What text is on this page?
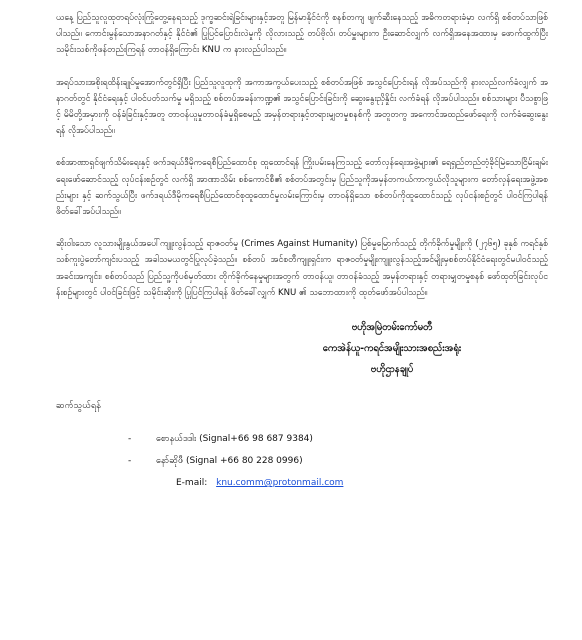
ယနေ့ ပြည်သူလူထုတရပ်လုံးကြုံတွေ့နေရသည့် ဒုက္ခဆင်းရဲခြင်းများနှင့်အတူ မြန်မာနိုင်ငံကို စနစ်တကျ ဖျက်ဆီးနေသည့် အဓိကတရားခံမှာ လက်ရှိ စစ်တပ်သာဖြစ်ပါသည်။ ကောင်းမွန်သောအနာဂတ်နှင့် နိုင်ငံ၏ ပြုပြင်ပြောင်းလဲမှုကို လိုလားသည့် တပ်ဗိုလ်၊ တပ်မှူးများက ဦးဆောင်လျှက် လက်ရှိအနေအထားမှ ဖောက်ထွက်ပြီး သမိုင်းသစ်ကိုဖန်တည်းကြရန် တာဝန်ရှိကြောင်း KNU က နားလည်ပါသည်။

အရပ်သားအစိုးရထိန်းချုပ်မှုအောက်တွင်ရှိပြီး ပြည်သူလူထုကို အကာအကွယ်ပေးသည့် စစ်တပ်အဖြစ် အသွင်ပြောင်းရန် လိုအပ်သည်ကို နားလည်လက်ခံလျှက် အနာဂတ်တွင် နိုင်ငံရေးနှင့် ပါဝင်ပတ်သက်မှု မရှိသည့် စစ်တပ်အခန်းကဏ္ဍ၏ အသွင်ပြောင်းခြင်းကို ဆွေးနွေးညှိနှိုင်း လက်ခံရန် လိုအပ်ပါသည်။ စစ်သားများ ပီသစွာဖြင့် မိမိတို့အမှားကို ဝန်ခံခြင်းနှင့်အတူ တာဝန်ယူမှုတာဝန်ခံမှုရှိစေမည့် အမှန်တရားနှင့်တရားမျှတမှုစနစ်ကို အတူတကွ အကောင်အထည်ဖော်ရေးကို လက်ခံဆွေးနွေးရန် လိုအပ်ပါသည်။

စစ်အာဏာရှင်ဖျက်သိမ်းရေးနှင့် ဖက်ဒရယ်ဒီမိုကရေစီပြည်ထောင်စု ထူထောင်ရန် ကြိုးပမ်းနေကြသည့် တော်လှန်ရေးအဖွဲ့များ၏ ရေရှည်တည်တံ့ခိုင်မြဲသောငြိမ်းချမ်းရေးဖော်ဆောင်သည့် လုပ်ငန်းစဉ်တွင် လက်ရှိ အာဏာသိမ်း စစ်ကောင်စီ၏ စစ်တပ်အတွင်းမှ ပြည်သူကိုအမှန်တကယ်ကာကွယ်လိုသူများက တော်လှန်ရေးအဖွဲ့အစည်းများ နှင့် ဆက်သွယ်ပြီး ဖက်ဒရယ်ဒီမိုကရေစီပြည်ထောင်စုထူထောင်မှုလမ်းကြောင်းမှ တာဝန်ရှိသော စစ်တပ်ကိုထူထောင်သည့် လုပ်ငန်းစဉ်တွင် ပါဝင်ကြပါရန် ဖိတ်ခေါ်အပ်ပါသည်။

ဆိုးဝါးသော လူသားမျိုးနွယ်အပေါ်ကျူးလွန်သည့် ရာဇဝတ်မှု (Crimes Against Humanity) ပြစ်မှုမြောက်သည့် တိုက်ခိုက်မှုမျိုးကို (၂၇၆၅) ခုနှစ် ကရင်နှစ်သစ်ကူးပွဲတော်ကျင်းပသည့် အခါသမယတွင်ပြုလုပ်ခဲ့သည်။ စစ်တပ် အင်စတီကျူးရှင်းက ရာဇဝတ်မှုမျိုးကျူးလွန်သည့်အင်မျိုးမှစစ်တပ်နိုင်ငံရေးတွင်မပါဝင်သည့် အခင်းအကျင်း၊ စစ်တပ်သည် ပြည်သူ့ကိုပစ်မှတ်ထား တိုက်ခိုက်နေမှုများအတွက် တာဝန်ယူ၊ တာဝန်ခံသည့် အမှန်တရားနှင့် တရားမျှတမှုစနစ် ဖော်ထုတ်ခြင်းလုပ်ငန်းစဉ်များတွင် ပါဝင်ခြင်းဖြင့် သမိုင်းဆိုးကို ပြုပြင်ကြပါရန် ဖိတ်ခေါ်လျှက် KNU ၏ သဘောထားကို ထုတ်ဖော်အပ်ပါသည်။

ဗဟိုအမြဲတမ်းကော်မတီ
ကေအဲန်ယူ-ကရင်အမျိုးသားအစည်းအရုံး
ဗဟိုဌာနချုပ်
ဆက်သွယ်ရန်
-	စောနယ်ဒဒါး (Signal+66 98 687 9384)
-	နော်ဆိုဖီ (Signal +66 80 228 0996)
E-mail: knu.comm@protonmail.com
